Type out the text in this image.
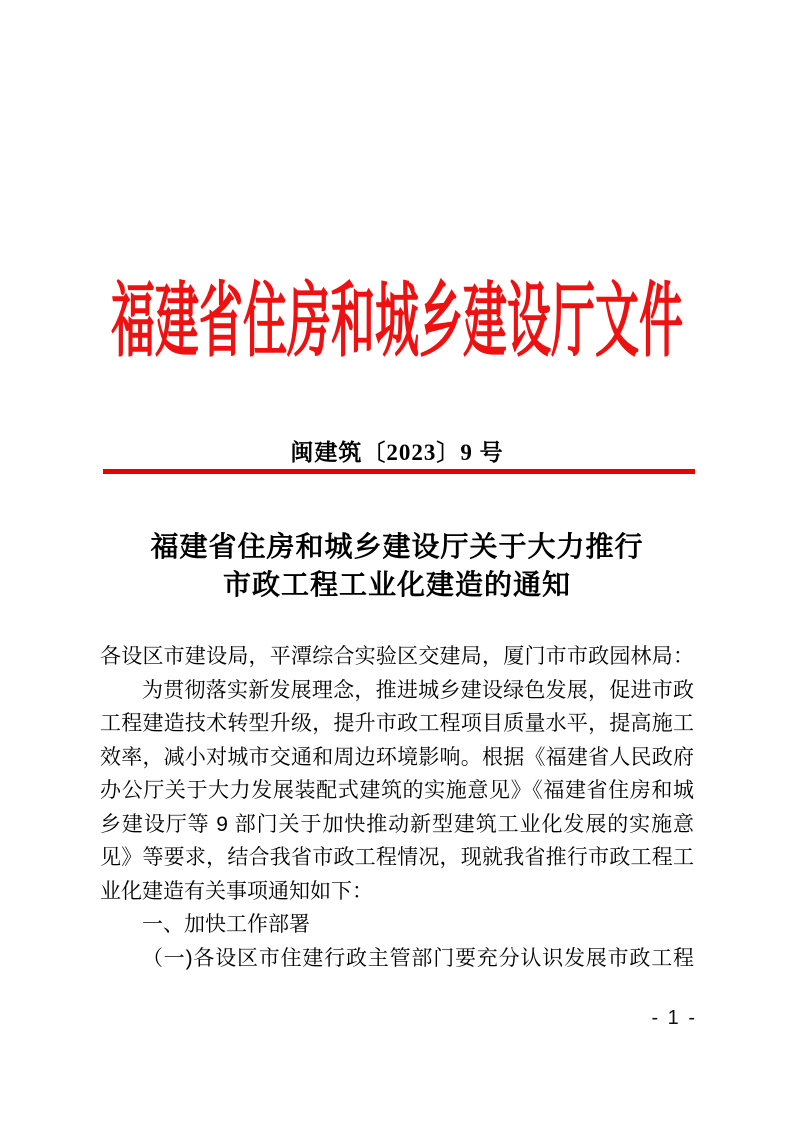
福建省住房和城乡建设厅文件
闽建筑〔2023〕9 号
福建省住房和城乡建设厅关于大力推行
市政工程工业化建造的通知
各设区市建设局，平潭综合实验区交建局，厦门市市政园林局：
为贯彻落实新发展理念，推进城乡建设绿色发展，促进市政
工程建造技术转型升级，提升市政工程项目质量水平，提高施工
效率，减小对城市交通和周边环境影响。根据《福建省人民政府
办公厅关于大力发展装配式建筑的实施意见》《福建省住房和城
乡建设厅等 9 部门关于加快推动新型建筑工业化发展的实施意
见》等要求，结合我省市政工程情况，现就我省推行市政工程工
业化建造有关事项通知如下：
一、加快工作部署
（一)各设区市住建行政主管部门要充分认识发展市政工程
- 1 -
